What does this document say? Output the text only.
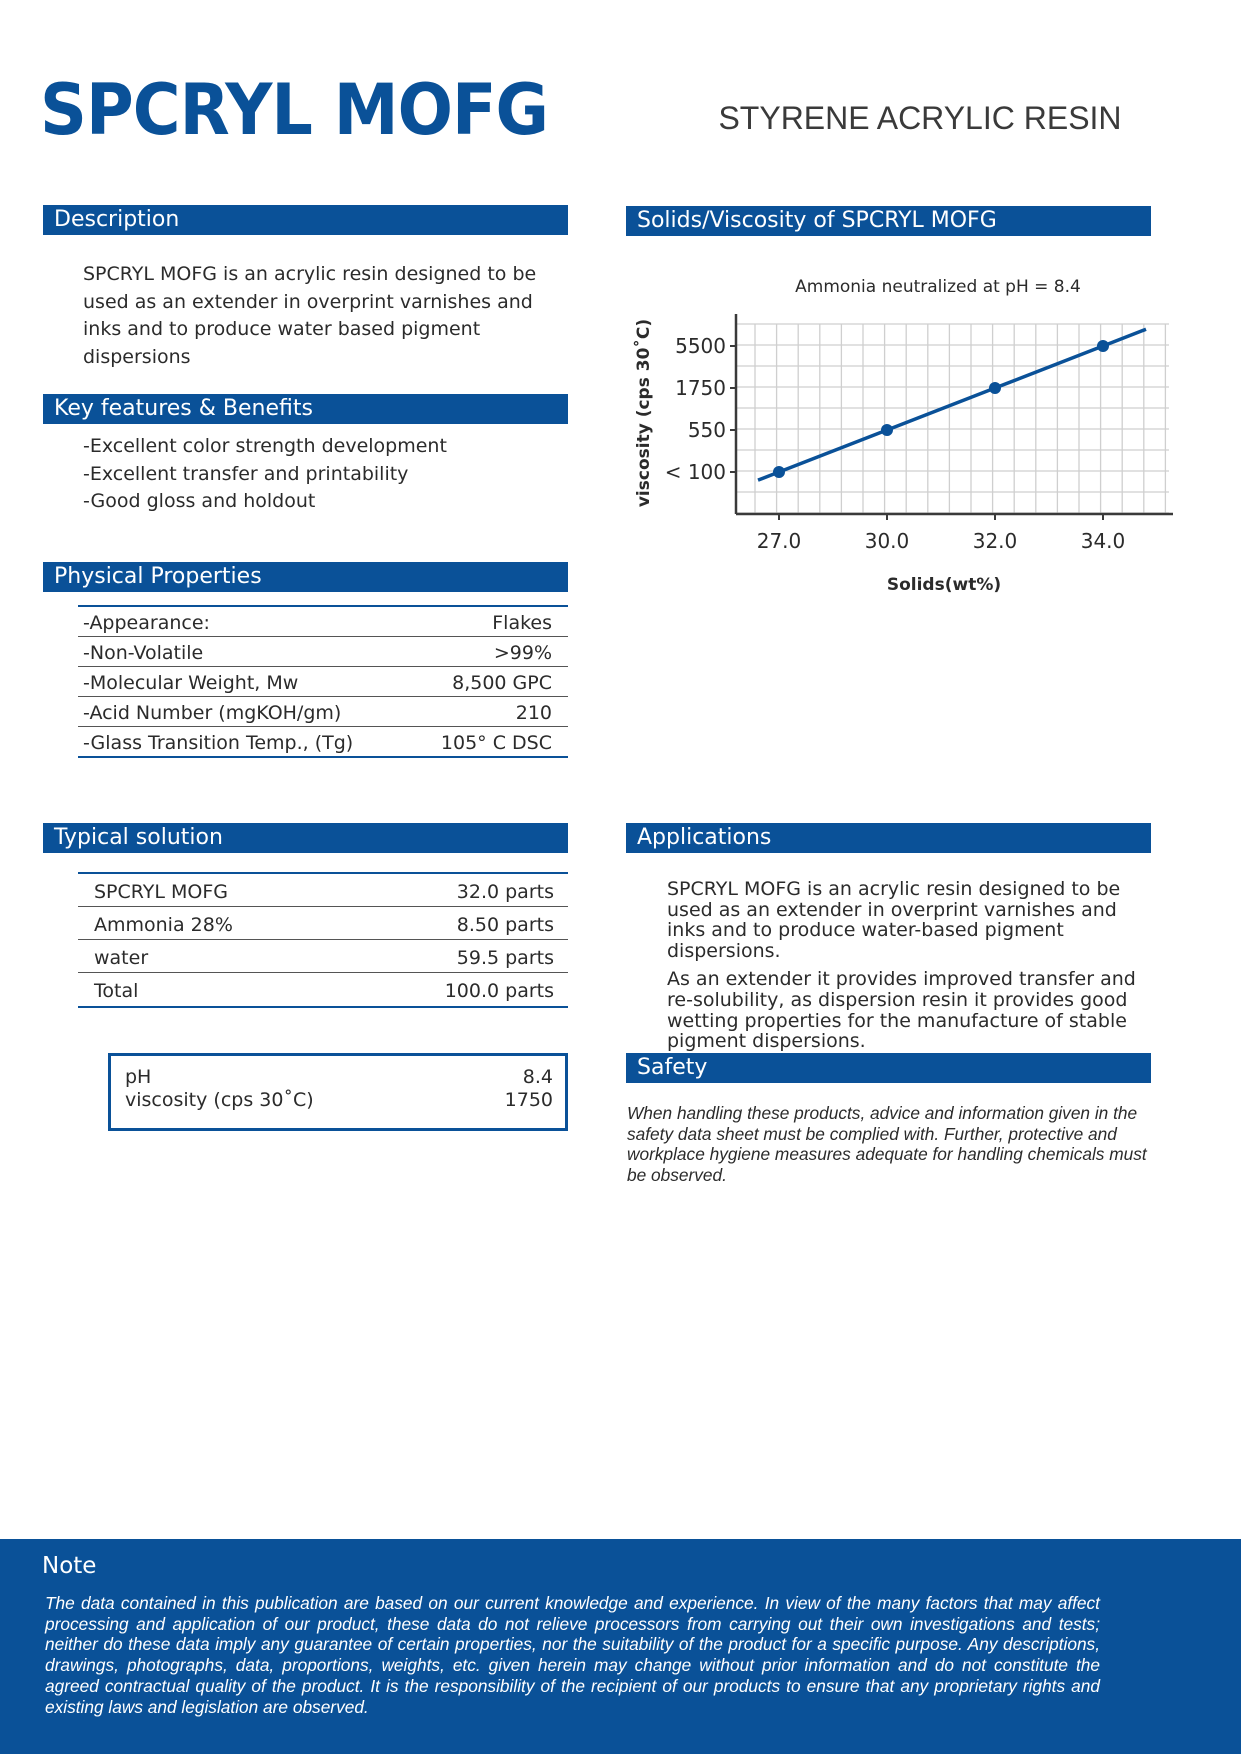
SPCRYL MOFG	STYRENE ACRYLIC RESIN
Description

SPCRYL MOFG is an acrylic resin designed to be used as an extender in overprint varnishes and inks and to produce water based pigment dispersions

Key features & Benefits

-Excellent color strength development

-Excellent transfer and printability

-Good gloss and holdout

Physical Properties
-Appearance:	Flakes
-Non-Volatile	>99%
-Molecular Weight, Mw	8,500 GPC
-Acid Number (mgKOH/gm)	210
-Glass Transition Temp., (Tg)	105° C DSC
Typical solution
SPCRYL MOFG	32.0 parts
Ammonia 28%	8.50 parts
water	59.5 parts
Total	100.0 parts
pH	8.4
viscosity (cps 30˚C)	1750
Solids/Viscosity of SPCRYL MOFG
27.0	30.0	32.0	34.0
< 100
550
1750
5500
Ammonia neutralized at pH = 8.4
Solids(wt%)
viscosity (cps 30˚C)
Applications

SPCRYL MOFG is an acrylic resin designed to be used as an extender in overprint varnishes and inks and to produce water-based pigment dispersions.

As an extender it provides improved transfer and re-solubility, as dispersion resin it provides good wetting properties for the manufacture of stable pigment dispersions.

Safety
When handling these products, advice and information given in the safety data sheet must be complied with. Further, protective and workplace hygiene measures adequate for handling chemicals must be observed.
Note
The data contained in this publication are based on our current knowledge and experience. In view of the many factors that may affect processing and application of our product, these data do not relieve processors from carrying out their own investigations and tests; neither do these data imply any guarantee of certain properties, nor the suitability of the product for a specific purpose. Any descriptions, drawings, photographs, data, proportions, weights, etc. given herein may change without prior information and do not constitute the agreed contractual quality of the product. It is the responsibility of the recipient of our products to ensure that any proprietary rights and existing laws and legislation are observed.
